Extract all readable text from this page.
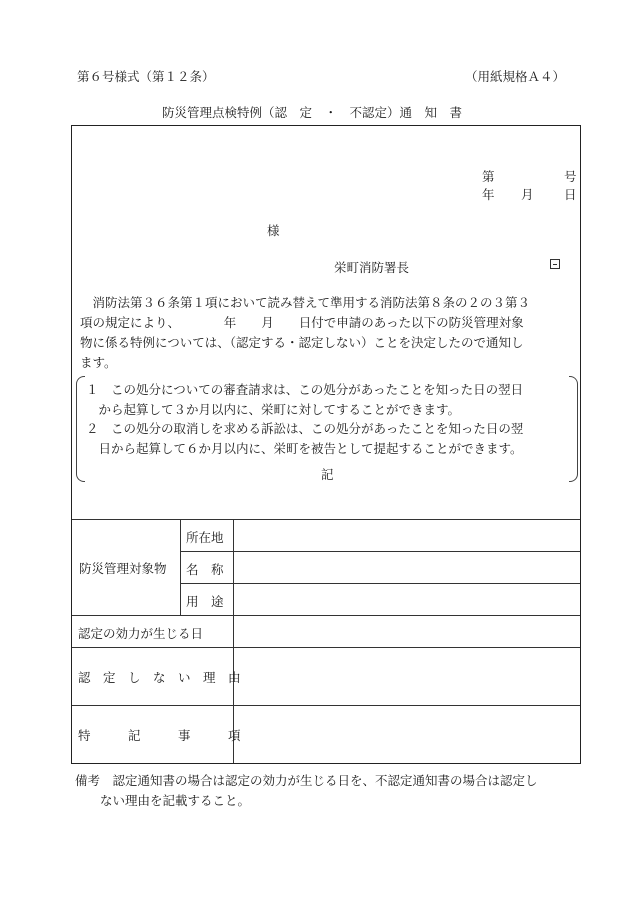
第６号様式（第１２条）	（用紙規格Ａ４）
防災管理点検特例（認　定　・　不認定）通　知　書
第	号
年 月 日
様
栄町消防署長
　消防法第３６条第１項において読み替えて準用する消防法第８条の２の３第３
項の規定により、　　　　年　　月　　日付で申請のあった以下の防災管理対象
物に係る特例については、（認定する・認定しない）ことを決定したので通知し
ます。
１　この処分についての審査請求は、この処分があったことを知った日の翌日
　から起算して３か月以内に、栄町に対してすることができます。
２　この処分の取消しを求める訴訟は、この処分があったことを知った日の翌
　日から起算して６か月以内に、栄町を被告として提起することができます。
記
防災管理対象物
所在地
名　称
用　途
認定の効力が生じる日
認　定　し　な　い　理　由
特　　　記　　　事　　　項
備考　認定通知書の場合は認定の効力が生じる日を、不認定通知書の場合は認定し
　　ない理由を記載すること。
